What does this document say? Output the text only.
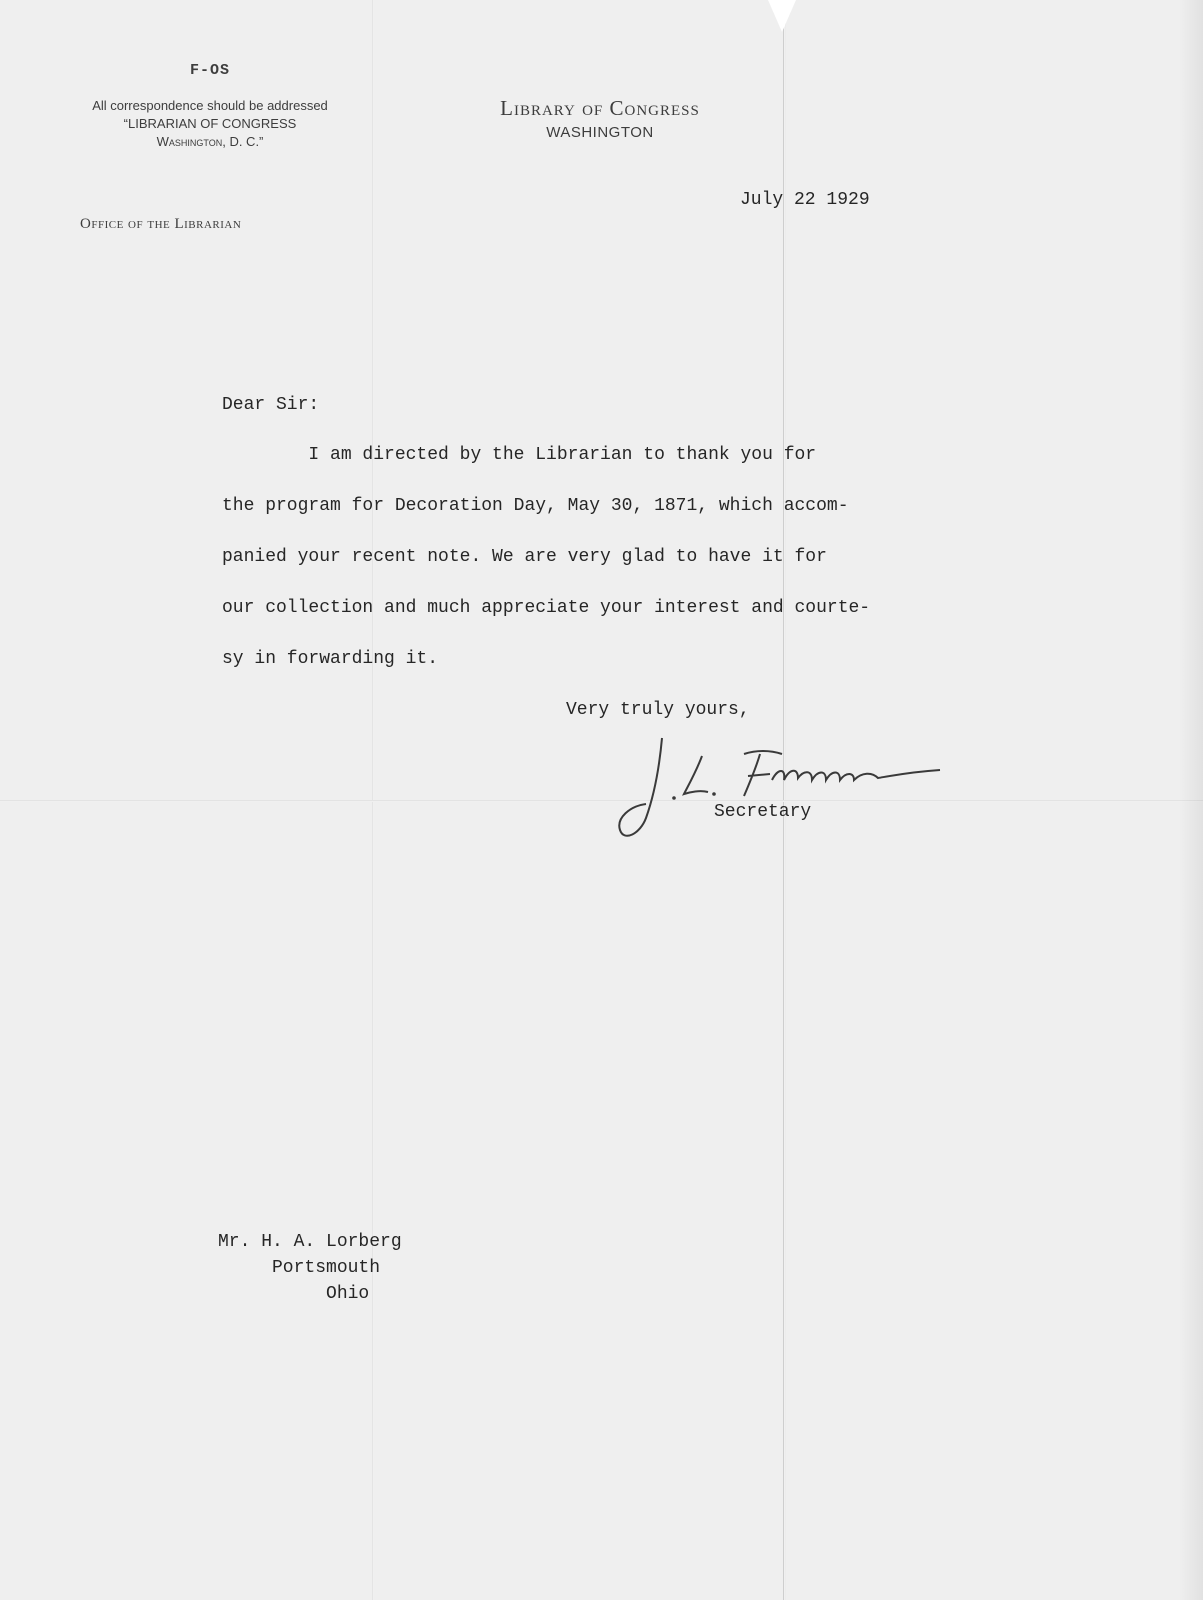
F-OS
All correspondence should be addressed
“LIBRARIAN OF CONGRESS
Washington, D. C.”
Office of the Librarian
Library of Congress
WASHINGTON
July 22 1929
Dear Sir:
I am directed by the Librarian to thank you for
the program for Decoration Day, May 30, 1871, which accom-
panied your recent note. We are very glad to have it for
our collection and much appreciate your interest and courte-
sy in forwarding it.
Very truly yours,
Secretary
Mr. H. A. Lorberg
Portsmouth
Ohio
